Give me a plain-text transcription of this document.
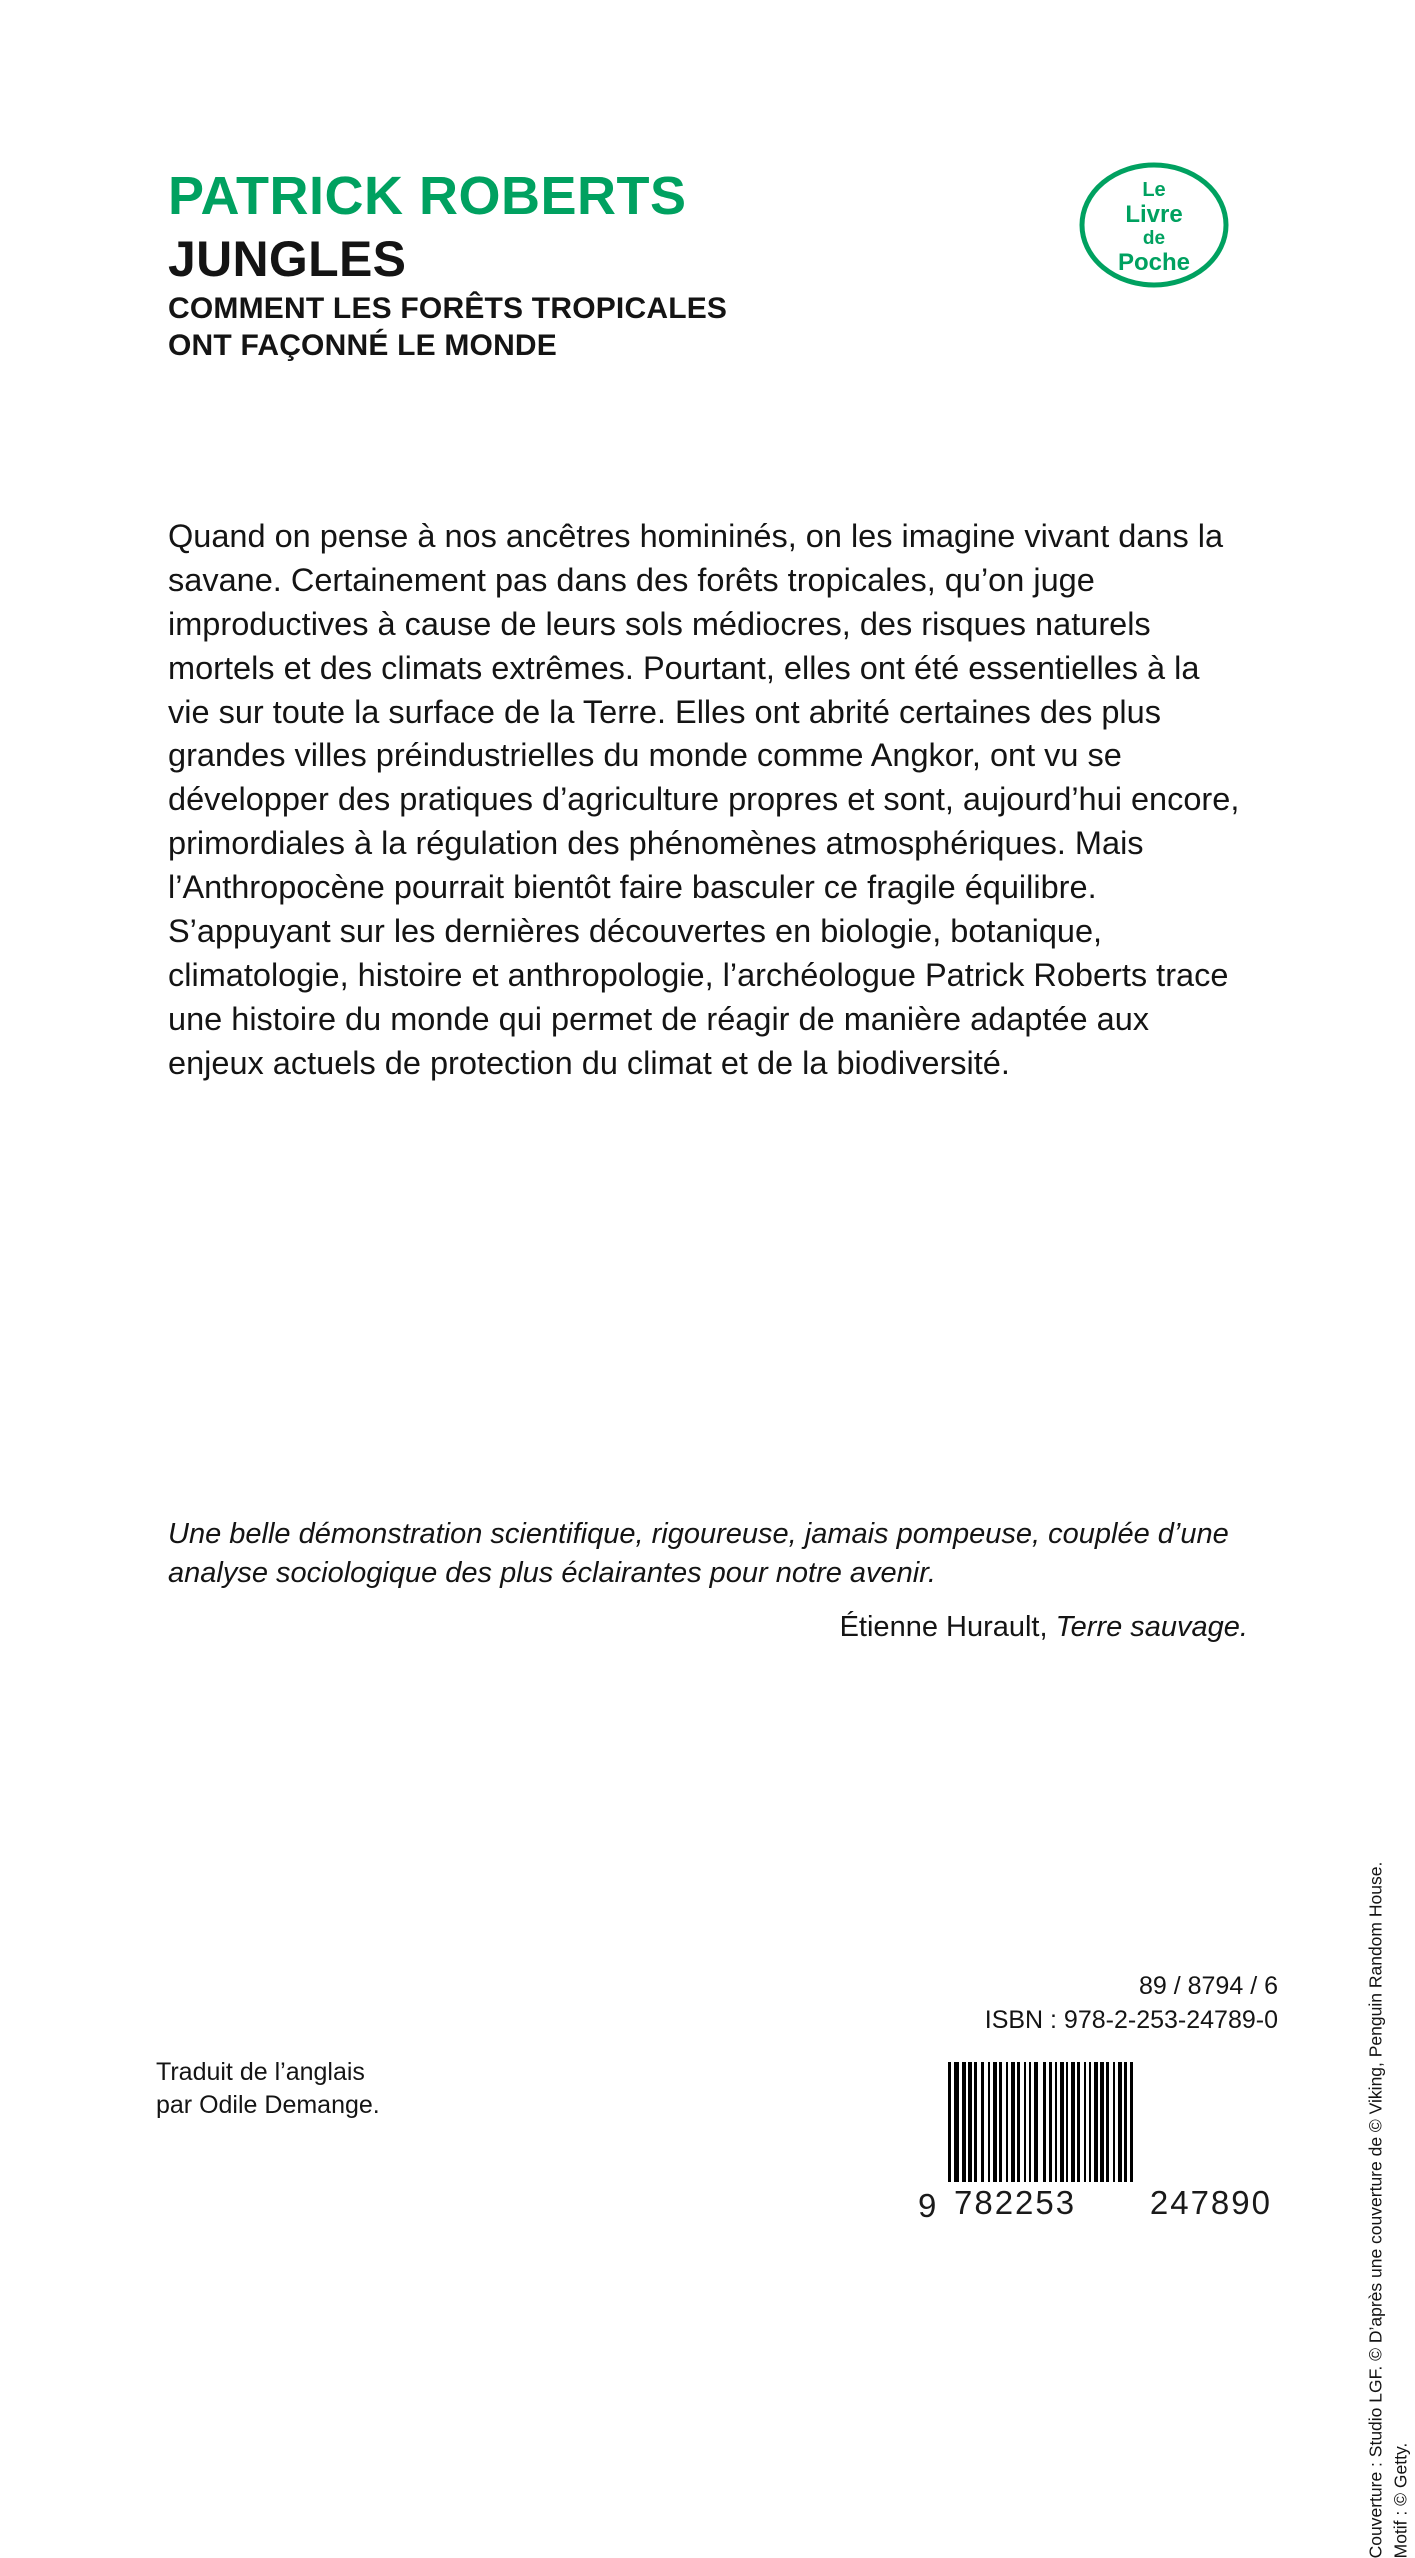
PATRICK ROBERTS
JUNGLES
COMMENT LES FORÊTS TROPICALES
ONT FAÇONNÉ LE MONDE
Le
Livre
de
Poche

Quand on pense à nos ancêtres homininés, on les imagine vivant dans la savane. Certainement pas dans des forêts tropicales, qu’on juge improductives à cause de leurs sols médiocres, des risques naturels mortels et des climats extrêmes. Pourtant, elles ont été essentielles à la vie sur toute la surface de la Terre. Elles ont abrité certaines des plus grandes villes préindustrielles du monde comme Angkor, ont vu se développer des pratiques d’agriculture propres et sont, aujourd’hui encore, primordiales à la régulation des phénomènes atmosphériques. Mais l’Anthropocène pourrait bientôt faire basculer ce fragile équilibre.

S’appuyant sur les dernières découvertes en biologie, botanique, climatologie, histoire et anthropologie, l’archéologue Patrick Roberts trace une histoire du monde qui permet de réagir de manière adaptée aux enjeux actuels de protection du climat et de la biodiversité.

Une belle démonstration scientifique, rigoureuse, jamais pompeuse, couplée d’une analyse sociologique des plus éclairantes pour notre avenir.

Étienne Hurault, Terre sauvage.
Couverture : Studio LGF. © D’après une couverture de © Viking, Penguin Random House. Motif : © Getty.

Traduit de l’anglais

par Odile Demange.

89 / 8794 / 6

ISBN : 978-2-253-24789-0

9 782253 247890
